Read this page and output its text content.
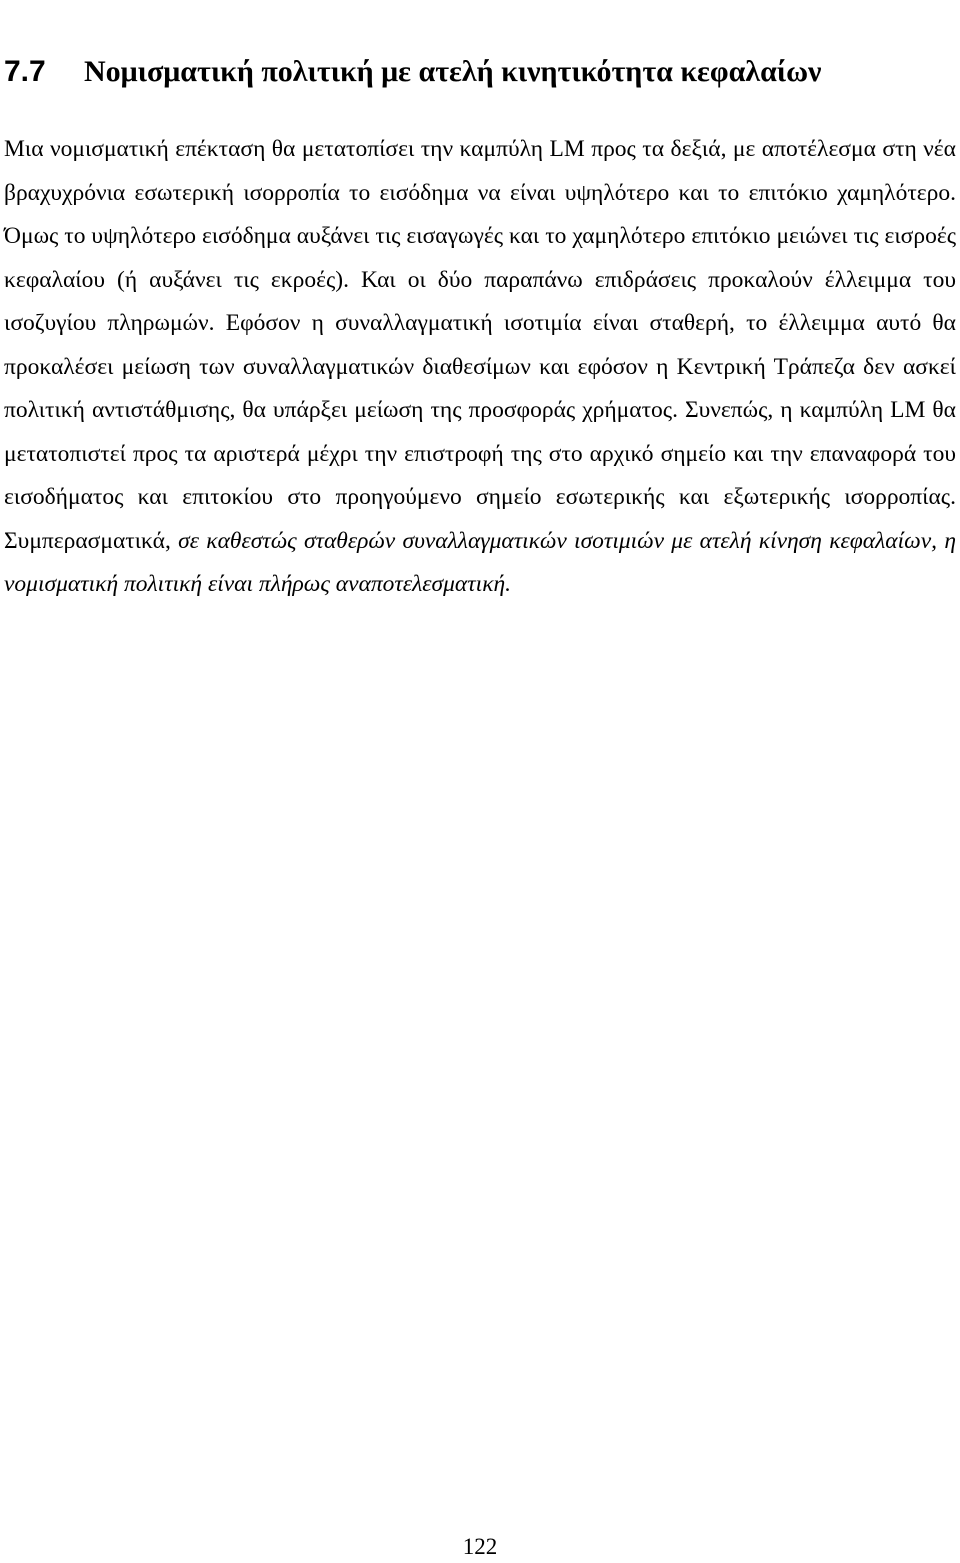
7.7 Νομισματική πολιτική με ατελή κινητικότητα κεφαλαίων

Μια νομισματική επέκταση θα μετατοπίσει την καμπύλη LM προς τα δεξιά, με αποτέλεσμα στη νέα βραχυχρόνια εσωτερική ισορροπία το εισόδημα να είναι υψηλότερο και το επιτόκιο χαμηλότερο. Όμως το υψηλότερο εισόδημα αυξάνει τις εισαγωγές και το χαμηλότερο επιτόκιο μειώνει τις εισροές κεφαλαίου (ή αυξάνει τις εκροές). Και οι δύο παραπάνω επιδράσεις προκαλούν έλλειμμα του ισοζυγίου πληρωμών. Εφόσον η συναλλαγματική ισοτιμία είναι σταθερή, το έλλειμμα αυτό θα προκαλέσει μείωση των συναλλαγματικών διαθεσίμων και εφόσον η Κεντρική Τράπεζα δεν ασκεί πολιτική αντιστάθμισης, θα υπάρξει μείωση της προσφοράς χρήματος. Συνεπώς, η καμπύλη LM θα μετατοπιστεί προς τα αριστερά μέχρι την επιστροφή της στο αρχικό σημείο και την επαναφορά του εισοδήματος και επιτοκίου στο προηγούμενο σημείο εσωτερικής και εξωτερικής ισορροπίας. Συμπερασματικά, σε καθεστώς σταθερών συναλλαγματικών ισοτιμιών με ατελή κίνηση κεφαλαίων, η νομισματική πολιτική είναι πλήρως αναποτελεσματική.

122
